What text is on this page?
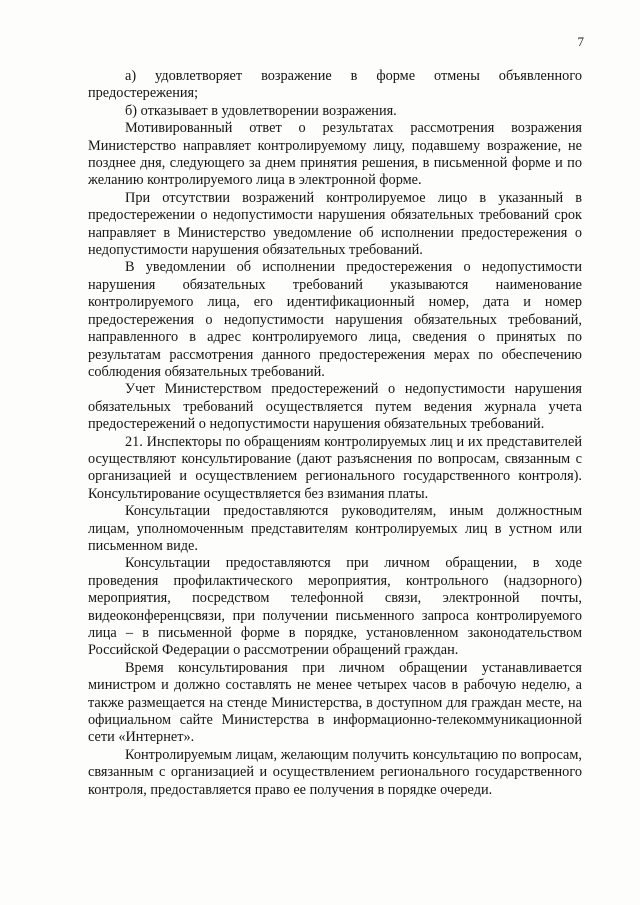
7

а) удовлетворяет возражение в форме отмены объявленного предостережения;

б) отказывает в удовлетворении возражения.

Мотивированный ответ о результатах рассмотрения возражения Министерство направляет контролируемому лицу, подавшему возражение, не позднее дня, следующего за днем принятия решения, в письменной форме и по желанию контролируемого лица в электронной форме.

При отсутствии возражений контролируемое лицо в указанный в предостережении о недопустимости нарушения обязательных требований срок направляет в Министерство уведомление об исполнении предостережения о недопустимости нарушения обязательных требований.

В уведомлении об исполнении предостережения о недопустимости нарушения обязательных требований указываются наименование контролируемого лица, его идентификационный номер, дата и номер предостережения о недопустимости нарушения обязательных требований, направленного в адрес контролируемого лица, сведения о принятых по результатам рассмотрения данного предостережения мерах по обеспечению соблюдения обязательных требований.

Учет Министерством предостережений о недопустимости нарушения обязательных требований осуществляется путем ведения журнала учета предостережений о недопустимости нарушения обязательных требований.

21. Инспекторы по обращениям контролируемых лиц и их представителей осуществляют консультирование (дают разъяснения по вопросам, связанным с организацией и осуществлением регионального государственного контроля). Консультирование осуществляется без взимания платы.

Консультации предоставляются руководителям, иным должностным лицам, уполномоченным представителям контролируемых лиц в устном или письменном виде.

Консультации предоставляются при личном обращении, в ходе проведения профилактического мероприятия, контрольного (надзорного) мероприятия, посредством телефонной связи, электронной почты, видеоконференцсвязи, при получении письменного запроса контролируемого лица – в письменной форме в порядке, установленном законодательством Российской Федерации о рассмотрении обращений граждан.

Время консультирования при личном обращении устанавливается министром и должно составлять не менее четырех часов в рабочую неделю, а также размещается на стенде Министерства, в доступном для граждан месте, на официальном сайте Министерства в информационно-телекоммуникационной сети «Интернет».

Контролируемым лицам, желающим получить консультацию по вопросам, связанным с организацией и осуществлением регионального государственного контроля, предоставляется право ее получения в порядке очереди.
